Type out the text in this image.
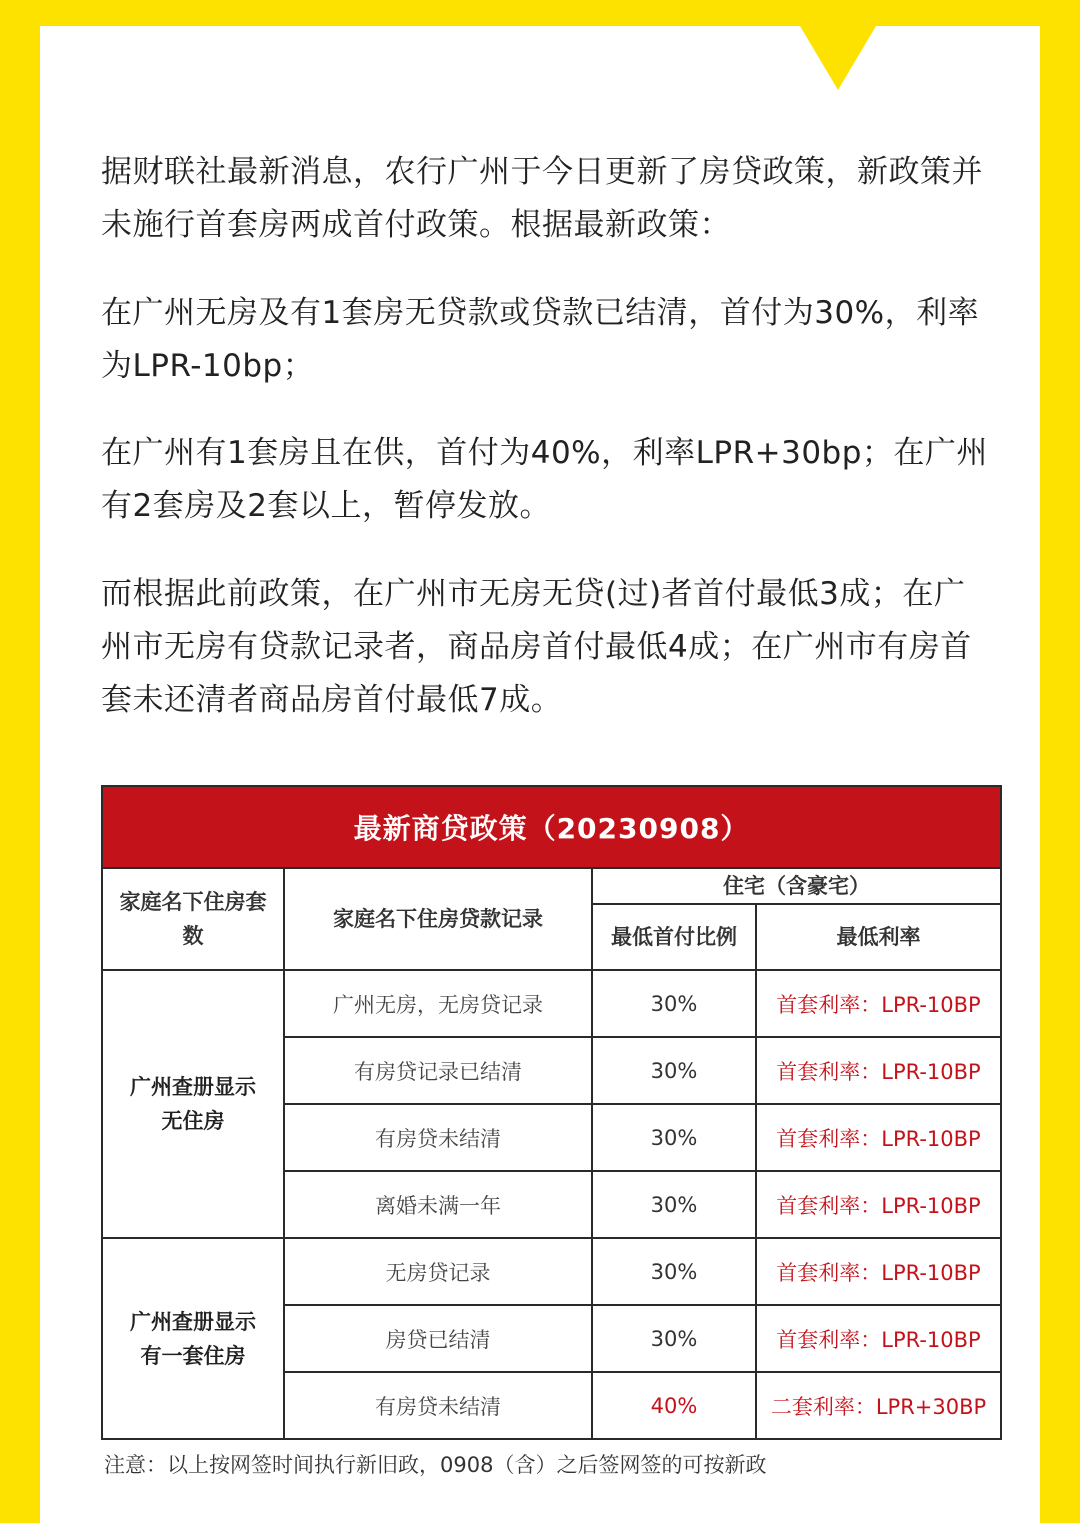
据财联社最新消息，农行广州于今日更新了房贷政策，新政策并未施行首套房两成首付政策。根据最新政策：

在广州无房及有1套房无贷款或贷款已结清，首付为30%，利率为LPR-10bp；

在广州有1套房且在供，首付为40%，利率LPR+30bp；在广州有2套房及2套以上，暂停发放。

而根据此前政策，在广州市无房无贷(过)者首付最低3成；在广州市无房有贷款记录者，商品房首付最低4成；在广州市有房首套未还清者商品房首付最低7成。

最新商贷政策（20230908）			

家庭名下住房套数	家庭名下住房贷款记录	住宅（含豪宅）	
		最低首付比例	最低利率

广州查册显示无住房	广州无房，无房贷记录	30%	首套利率：LPR-10BP
	有房贷记录已结清	30%	首套利率：LPR-10BP
	有房贷未结清	30%	首套利率：LPR-10BP
	离婚未满一年	30%	首套利率：LPR-10BP

广州查册显示有一套住房	无房贷记录	30%	首套利率：LPR-10BP
	房贷已结清	30%	首套利率：LPR-10BP
	有房贷未结清	40%	二套利率：LPR+30BP
注意：以上按网签时间执行新旧政，0908（含）之后签网签的可按新政
